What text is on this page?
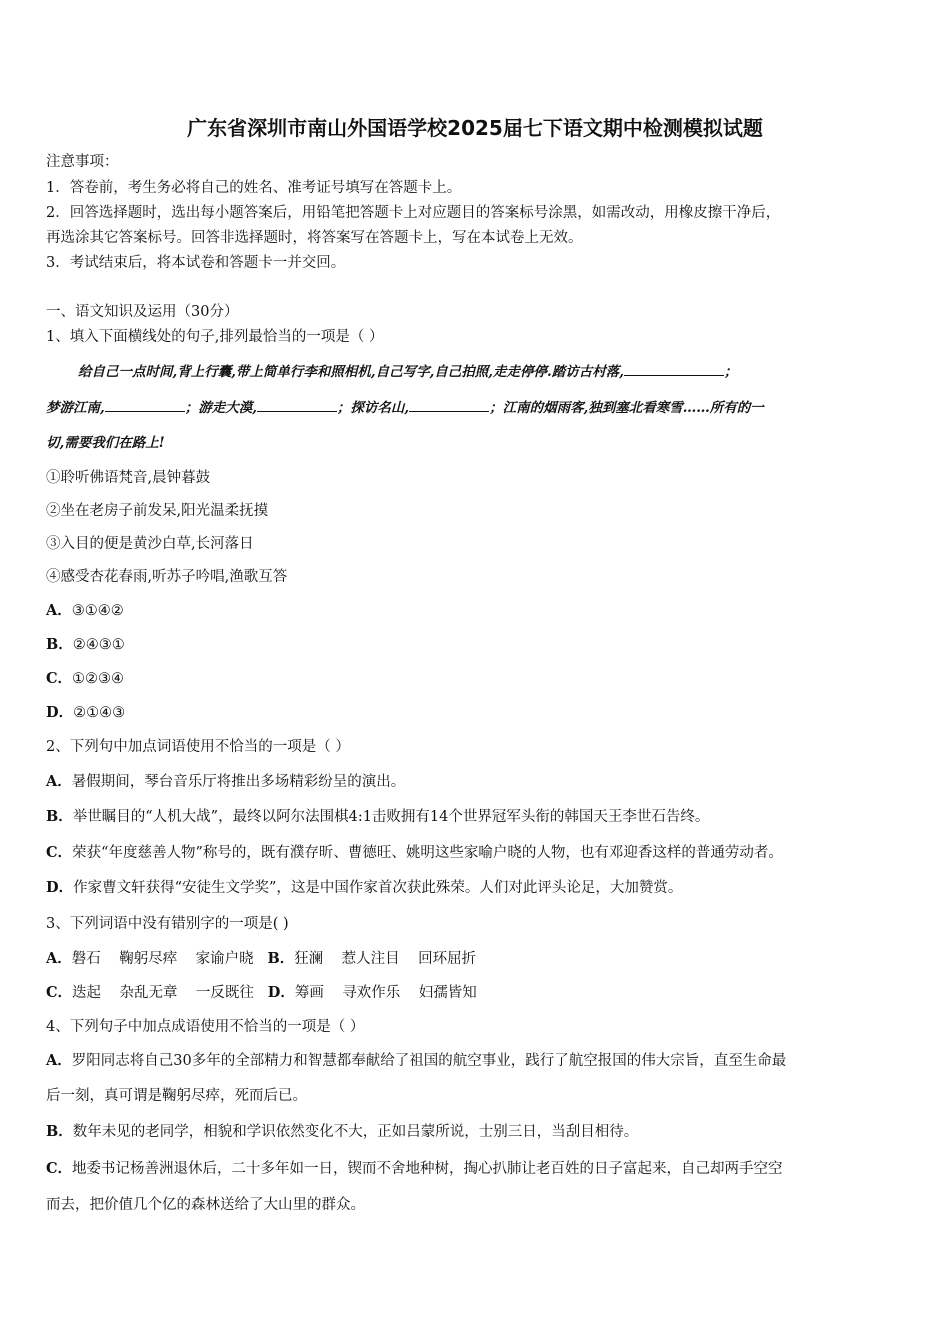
广东省深圳市南山外国语学校2025届七下语文期中检测模拟试题
注意事项：
1．答卷前，考生务必将自己的姓名、准考证号填写在答题卡上。
2．回答选择题时，选出每小题答案后，用铅笔把答题卡上对应题目的答案标号涂黑，如需改动，用橡皮擦干净后，
再选涂其它答案标号。回答非选择题时，将答案写在答题卡上，写在本试卷上无效。
3．考试结束后，将本试卷和答题卡一并交回。
一、语文知识及运用（30分）
1、填入下面横线处的句子,排列最恰当的一项是（ ）
给自己一点时间,背上行囊,带上简单行李和照相机,自己写字,自己拍照,走走停停.踏访古村落,	；
梦游江南,	；游走大漠,	；探访名山,	；江南的烟雨客,独到塞北看寒雪……所有的一
切,需要我们在路上!
①聆听佛语梵音,晨钟暮鼓
②坐在老房子前发呆,阳光温柔抚摸
③入目的便是黄沙白草,长河落日
④感受杏花春雨,听苏子吟唱,渔歌互答
A．③①④②
B．②④③①
C．①②③④
D．②①④③
2、下列句中加点词语使用不恰当的一项是（ ）
A．暑假期间，琴台音乐厅将推出多场精彩纷呈的演出。
B．举世瞩目的“人机大战”，最终以阿尔法围棋4:1击败拥有14个世界冠军头衔的韩国天王李世石告终。
C．荣获“年度慈善人物”称号的，既有濮存昕、曹德旺、姚明这些家喻户晓的人物，也有邓迎香这样的普通劳动者。
D．作家曹文轩获得“安徒生文学奖”，这是中国作家首次获此殊荣。人们对此评头论足，大加赞赏。
3、下列词语中没有错别字的一项是( )
A．磐石    鞠躬尽瘁    家谕户晓 B．狂澜    惹人注目    回环屈折
C．迭起    杂乱无章    一反既往 D．筹画    寻欢作乐    妇孺皆知
4、下列句子中加点成语使用不恰当的一项是（ ）
A．罗阳同志将自己30多年的全部精力和智慧都奉献给了祖国的航空事业，践行了航空报国的伟大宗旨，直至生命最
后一刻，真可谓是鞠躬尽瘁，死而后已。
B．数年未见的老同学，相貌和学识依然变化不大，正如吕蒙所说，士别三日，当刮目相待。
C．地委书记杨善洲退休后，二十多年如一日，锲而不舍地种树，掏心扒肺让老百姓的日子富起来，自己却两手空空
而去，把价值几个亿的森林送给了大山里的群众。
